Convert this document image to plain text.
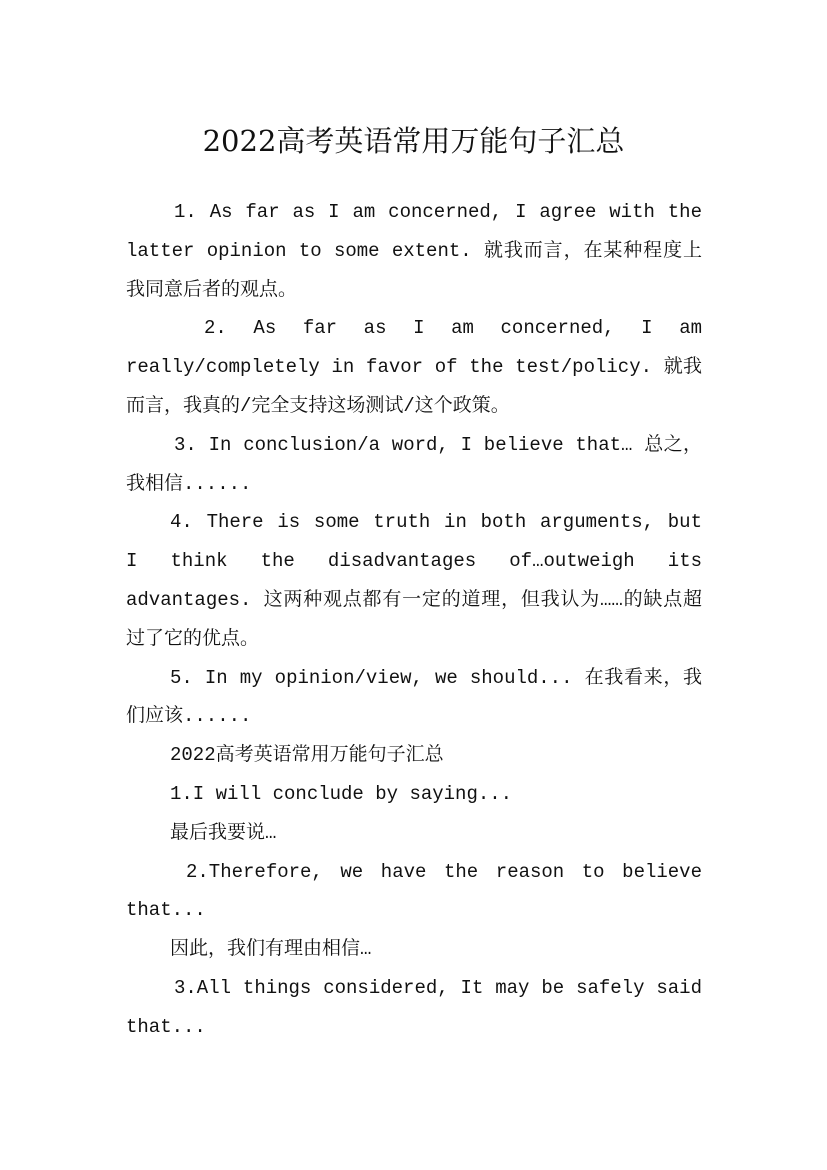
2022高考英语常用万能句子汇总

1. As far as I am concerned, I agree with the latter opinion to some extent. 就我而言，在某种程度上我同意后者的观点。

2. As far as I am concerned, I am really/completely in favor of the test/policy. 就我而言，我真的/完全支持这场测试/这个政策。

3. In conclusion/a word, I believe that… 总之，我相信......

4. There is some truth in both arguments, but I think the disadvantages of…outweigh its advantages. 这两种观点都有一定的道理，但我认为……的缺点超过了它的优点。

5. In my opinion/view, we should... 在我看来，我们应该......

2022高考英语常用万能句子汇总

1.I will conclude by saying...

最后我要说…

2.Therefore, we have the reason to believe that...

因此，我们有理由相信…

3.All things considered, It may be safely said that...
